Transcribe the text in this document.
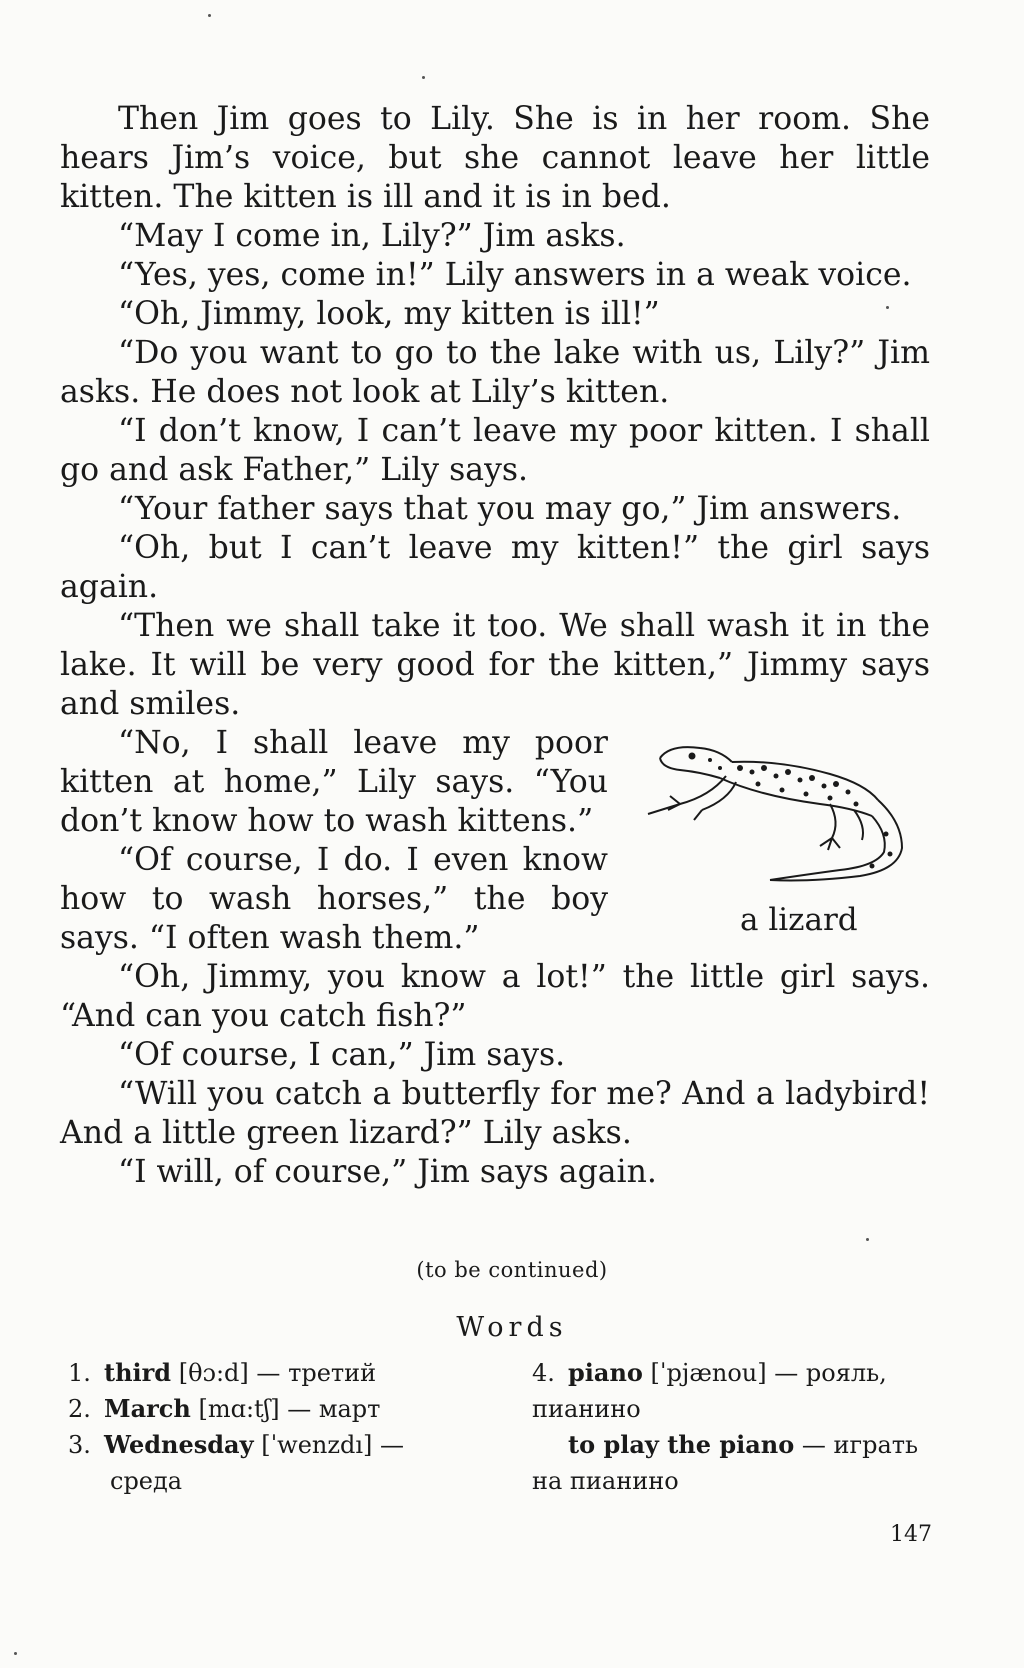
Then Jim goes to Lily. She is in her room. She hears Jim’s voice, but she cannot leave her little kitten. The kitten is ill and it is in bed.

“May I come in, Lily?” Jim asks.

“Yes, yes, come in!” Lily answers in a weak voice.

“Oh, Jimmy, look, my kitten is ill!”

“Do you want to go to the lake with us, Lily?” Jim asks. He does not look at Lily’s kitten.

“I don’t know, I can’t leave my poor kitten. I shall go and ask Father,” Lily says.

“Your father says that you may go,” Jim answers.

“Oh, but I can’t leave my kitten!” the girl says again.

“Then we shall take it too. We shall wash it in the lake. It will be very good for the kitten,” Jimmy says and smiles.

a lizard

“No, I shall leave my poor kitten at home,” Lily says. “You don’t know how to wash kittens.”

“Of course, I do. I even know how to wash horses,” the boy says. “I often wash them.”

“Oh, Jimmy, you know a lot!” the little girl says. “And can you catch fish?”

“Of course, I can,” Jim says.

“Will you catch a butterfly for me? And a ladybird! And a little green lizard?” Lily asks.

“I will, of course,” Jim says again.

(to be continued)
Words
1. third [θɔ:d] — третий
2. March [mɑ:tʃ] — март
3. Wednesday [ˈwenzdı] —
среда
4. piano [ˈpjænou] — рояль, пианино
to play the piano — играть на пианино
147
